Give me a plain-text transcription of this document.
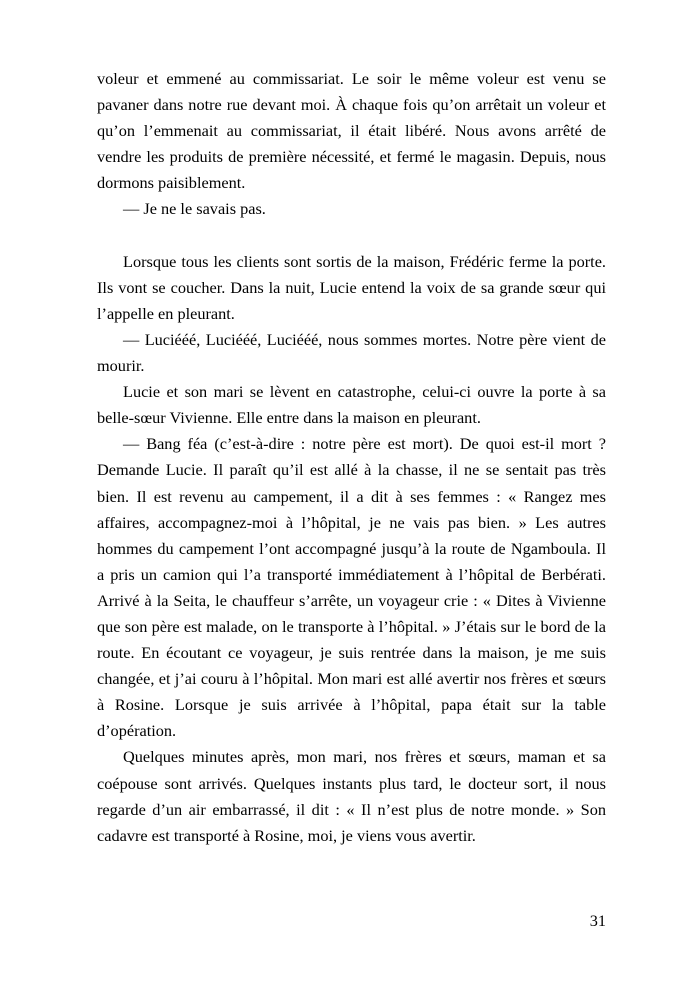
voleur et emmené au commissariat. Le soir le même voleur est venu se pavaner dans notre rue devant moi. À chaque fois qu’on arrêtait un voleur et qu’on l’emmenait au commissariat, il était libéré. Nous avons arrêté de vendre les produits de première nécessité, et fermé le magasin. Depuis, nous dormons paisiblement.

— Je ne le savais pas.

Lorsque tous les clients sont sortis de la maison, Frédéric ferme la porte. Ils vont se coucher. Dans la nuit, Lucie entend la voix de sa grande sœur qui l’appelle en pleurant.

— Luciééé, Luciééé, Luciééé, nous sommes mortes. Notre père vient de mourir.

Lucie et son mari se lèvent en catastrophe, celui-ci ouvre la porte à sa belle-sœur Vivienne. Elle entre dans la maison en pleurant.

— Bang féa (c’est-à-dire : notre père est mort). De quoi est-il mort ? Demande Lucie. Il paraît qu’il est allé à la chasse, il ne se sentait pas très bien. Il est revenu au campement, il a dit à ses femmes : « Rangez mes affaires, accompagnez-moi à l’hôpital, je ne vais pas bien. » Les autres hommes du campement l’ont accompagné jusqu’à la route de Ngamboula. Il a pris un camion qui l’a transporté immédiatement à l’hôpital de Berbérati. Arrivé à la Seita, le chauffeur s’arrête, un voyageur crie : « Dites à Vivienne que son père est malade, on le transporte à l’hôpital. » J’étais sur le bord de la route. En écoutant ce voyageur, je suis rentrée dans la maison, je me suis changée, et j’ai couru à l’hôpital. Mon mari est allé avertir nos frères et sœurs à Rosine. Lorsque je suis arrivée à l’hôpital, papa était sur la table d’opération.

Quelques minutes après, mon mari, nos frères et sœurs, maman et sa coépouse sont arrivés. Quelques instants plus tard, le docteur sort, il nous regarde d’un air embarrassé, il dit : « Il n’est plus de notre monde. » Son cadavre est transporté à Rosine, moi, je viens vous avertir.

31
